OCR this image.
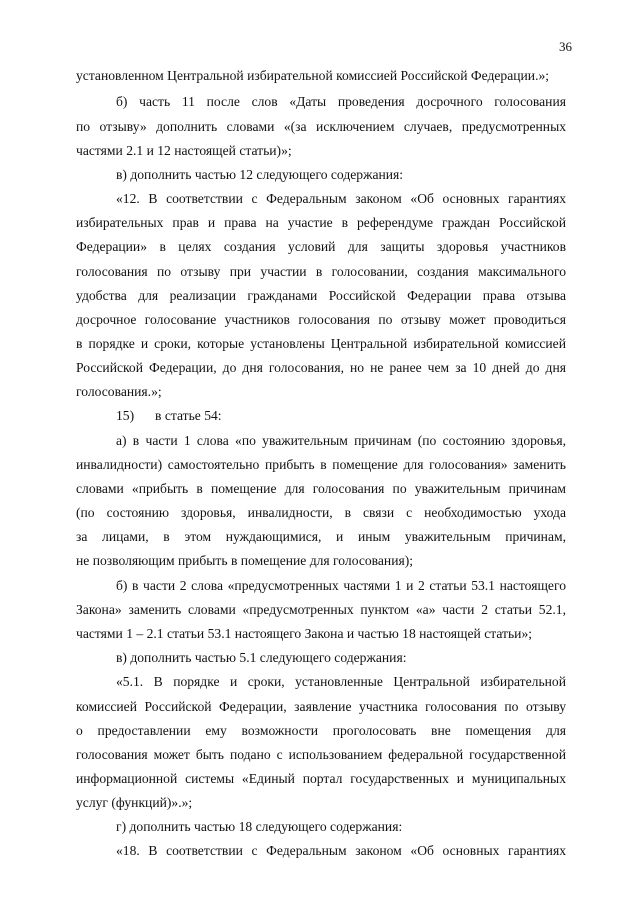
36
установленном Центральной избирательной комиссией Российской Федерации.»;
б) часть 11 после слов «Даты проведения досрочного голосования
по отзыву» дополнить словами «(за исключением случаев, предусмотренных
частями 2.1 и 12 настоящей статьи)»;
в) дополнить частью 12 следующего содержания:
«12. В соответствии с Федеральным законом «Об основных гарантиях
избирательных прав и права на участие в референдуме граждан Российской
Федерации» в целях создания условий для защиты здоровья участников
голосования по отзыву при участии в голосовании, создания максимального
удобства для реализации гражданами Российской Федерации права отзыва
досрочное голосование участников голосования по отзыву может проводиться
в порядке и сроки, которые установлены Центральной избирательной комиссией
Российской Федерации, до дня голосования, но не ранее чем за 10 дней до дня
голосования.»;
15) в статье 54:
а) в части 1 слова «по уважительным причинам (по состоянию здоровья,
инвалидности) самостоятельно прибыть в помещение для голосования» заменить
словами «прибыть в помещение для голосования по уважительным причинам
(по состоянию здоровья, инвалидности, в связи с необходимостью ухода
за лицами, в этом нуждающимися, и иным уважительным причинам,
не позволяющим прибыть в помещение для голосования);
б) в части 2 слова «предусмотренных частями 1 и 2 статьи 53.1 настоящего
Закона» заменить словами «предусмотренных пунктом «а» части 2 статьи 52.1,
частями 1 – 2.1 статьи 53.1 настоящего Закона и частью 18 настоящей статьи»;
в) дополнить частью 5.1 следующего содержания:
«5.1. В порядке и сроки, установленные Центральной избирательной
комиссией Российской Федерации, заявление участника голосования по отзыву
о предоставлении ему возможности проголосовать вне помещения для
голосования может быть подано с использованием федеральной государственной
информационной системы «Единый портал государственных и муниципальных
услуг (функций)».»;
г) дополнить частью 18 следующего содержания:
«18. В соответствии с Федеральным законом «Об основных гарантиях
